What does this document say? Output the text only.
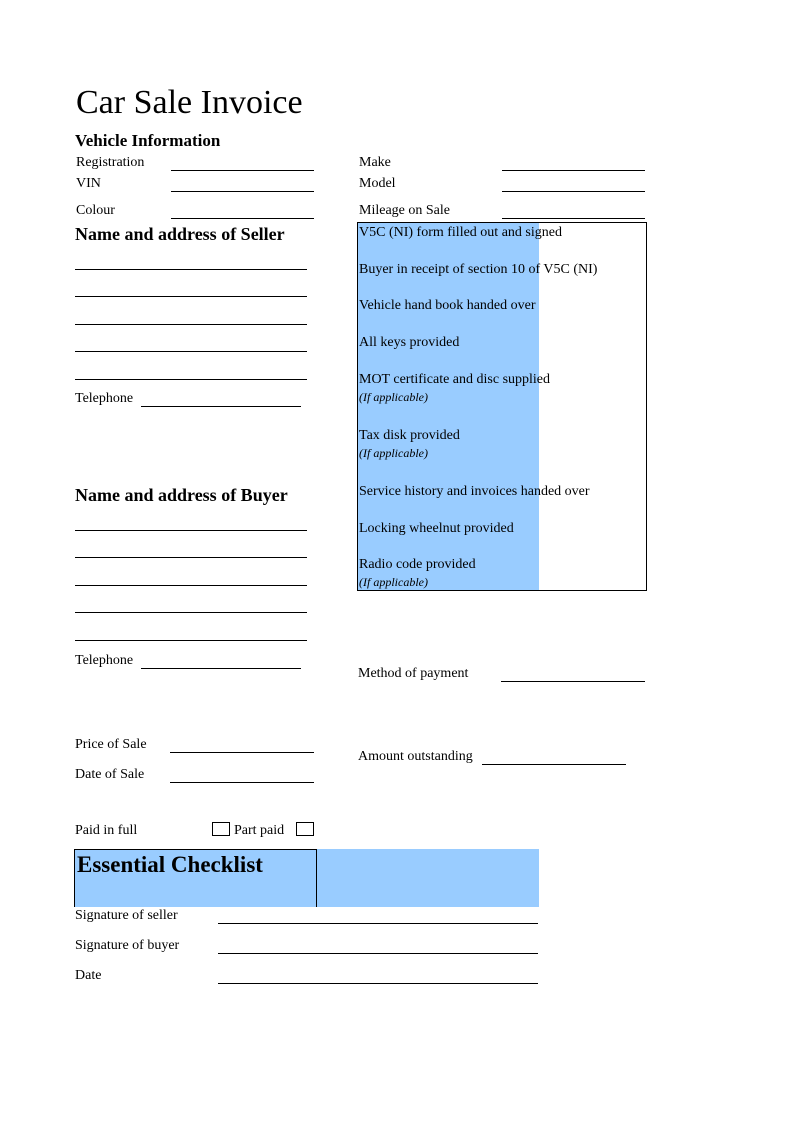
Car Sale Invoice
Vehicle Information
Registration
VIN
Colour
Make
Model
Mileage on Sale
Name and address of Seller
Telephone
V5C (NI) form filled out and signed
Buyer in receipt of section 10 of V5C (NI)
Vehicle hand book handed over
All keys provided
MOT certificate and disc supplied
(If applicable)
Tax disk provided
(If applicable)
Service history and invoices handed over
Locking wheelnut provided
Radio code provided
(If applicable)
Name and address of Buyer
Telephone
Method of payment
Price of Sale
Amount outstanding
Date of Sale
Paid in full	Part paid
Essential Checklist
Signature of seller
Signature of buyer
Date
